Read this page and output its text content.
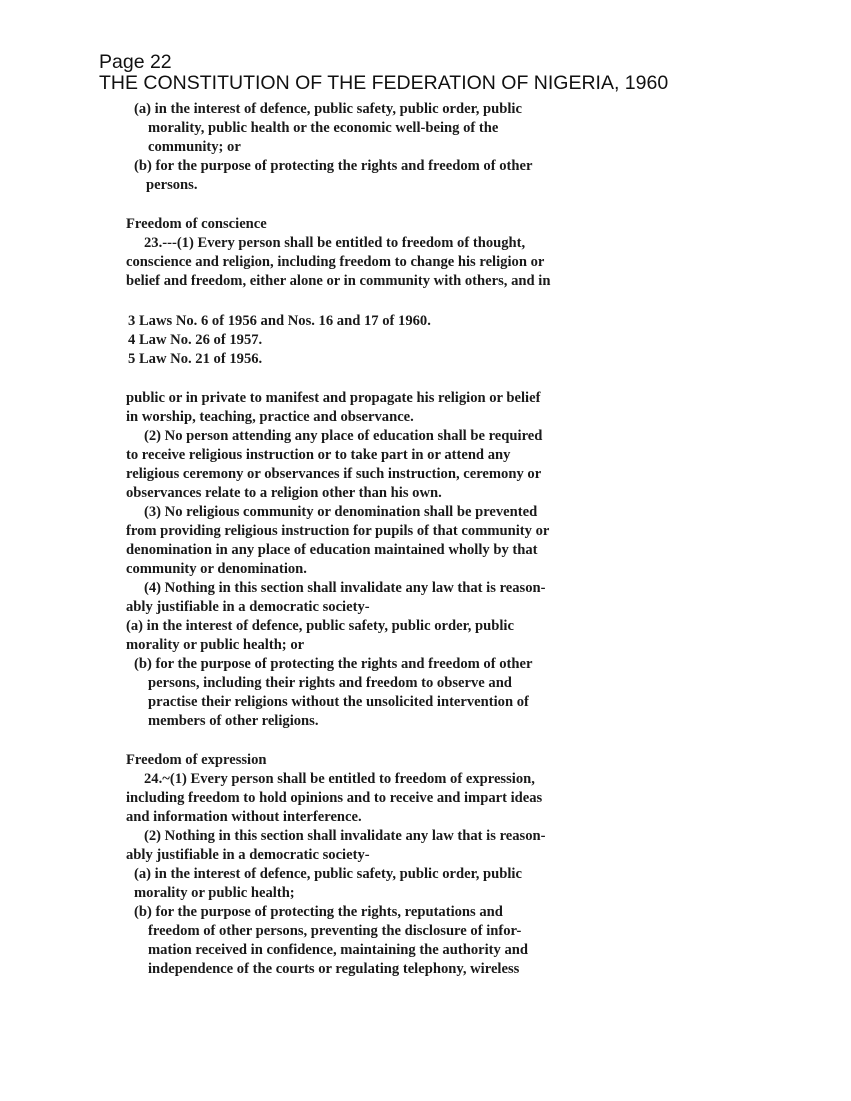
Page 22
THE CONSTITUTION OF THE FEDERATION OF NIGERIA, 1960
(a) in the interest of defence, public safety, public order, public
morality, public health or the economic well-being of the
community; or
(b) for the purpose of protecting the rights and freedom of other
persons.
Freedom of conscience
23.---(1) Every person shall be entitled to freedom of thought,
conscience and religion, including freedom to change his religion or
belief and freedom, either alone or in community with others, and in
3 Laws No. 6 of 1956 and Nos. 16 and 17 of 1960.
4 Law No. 26 of 1957.
5 Law No. 21 of 1956.
public or in private to manifest and propagate his religion or belief
in worship, teaching, practice and observance.
(2) No person attending any place of education shall be required
to receive religious instruction or to take part in or attend any
religious ceremony or observances if such instruction, ceremony or
observances relate to a religion other than his own.
(3) No religious community or denomination shall be prevented
from providing religious instruction for pupils of that community or
denomination in any place of education maintained wholly by that
community or denomination.
(4) Nothing in this section shall invalidate any law that is reason-
ably justifiable in a democratic society-
(a) in the interest of defence, public safety, public order, public
morality or public health; or
(b) for the purpose of protecting the rights and freedom of other
persons, including their rights and freedom to observe and
practise their religions without the unsolicited intervention of
members of other religions.
Freedom of expression
24.~(1) Every person shall be entitled to freedom of expression,
including freedom to hold opinions and to receive and impart ideas
and information without interference.
(2) Nothing in this section shall invalidate any law that is reason-
ably justifiable in a democratic society-
(a) in the interest of defence, public safety, public order, public
morality or public health;
(b) for the purpose of protecting the rights, reputations and
freedom of other persons, preventing the disclosure of infor-
mation received in confidence, maintaining the authority and
independence of the courts or regulating telephony, wireless
